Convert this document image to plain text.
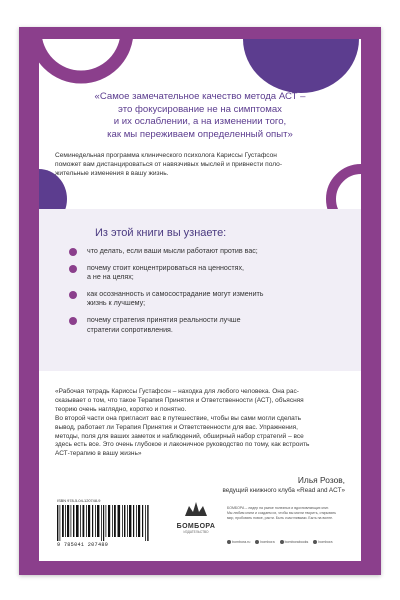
«Самое замечательное качество метода АСТ –
это фокусирование не на симптомах
и их ослаблении, а на изменении того,
как мы переживаем определенный опыт»
Семинедельная программа клинического психолога Кариссы Густафсон
поможет вам дистанцироваться от навязчивых мыслей и привнести поло-
жительные изменения в вашу жизнь.
Из этой книги вы узнаете:
что делать, если ваши мысли работают против вас;
почему стоит концентрироваться на ценностях,
а не на целях;
как осознанность и самосострадание могут изменить
жизнь к лучшему;
почему стратегия принятия реальности лучше
стратегии сопротивления.

«Рабочая тетрадь Кариссы Густафсон – находка для любого человека. Она рас-

сказывает о том, что такое Терапия Принятия и Ответственности (АСТ), объясняя

теорию очень наглядно, коротко и понятно.

Во второй части она пригласит вас в путешествие, чтобы вы сами могли сделать

вывод, работает ли Терапия Принятия и Ответственности для вас. Упражнения,

методы, поля для ваших заметок и наблюдений, обширный набор стратегий – все

здесь есть все. Это очень глубокое и лаконичное руководство по тому, как встроить

АСТ-терапию в вашу жизнь»

Илья Розов,
ведущий книжного клуба «Read and ACT»
ISBN 978-5-04-120748-9
9 785041 207489
БОМБОРА
ИЗДАТЕЛЬСТВО
БОМБОРА – лидер на рынке полезных и вдохновляющих книг.
Мы любим книги и создаем их, чтобы вы могли творить, открывать
мир, пробовать новое, расти. Быть счастливыми. Быть на волне.
bombora.ru	bombora	bomborabooks	bombora
